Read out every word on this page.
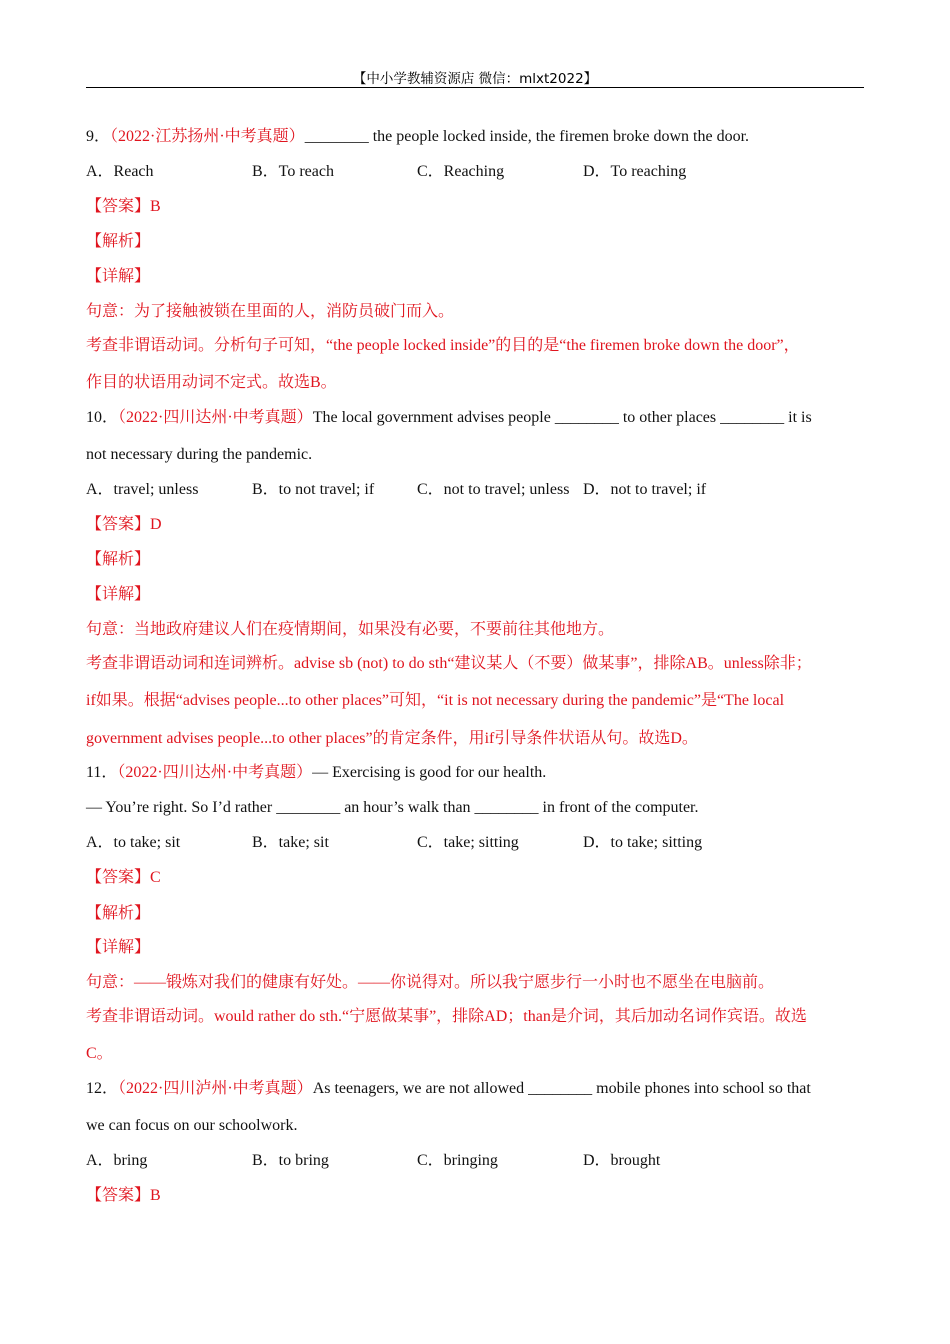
【中小学教辅资源店 微信：mlxt2022】
9．（2022·江苏扬州·中考真题）________ the people locked inside, the firemen broke down the door.
A．Reach	B．To reach	C．Reaching	D．To reaching
【答案】B
【解析】
【详解】
句意：为了接触被锁在里面的人，消防员破门而入。
考查非谓语动词。分析句子可知，“the people locked inside”的目的是“the firemen broke down the door”，
作目的状语用动词不定式。故选B。
10．（2022·四川达州·中考真题）The local government advises people ________ to other places ________ it is
not necessary during the pandemic.
A．travel; unless	B．to not travel; if	C．not to travel; unless D．not to travel; if
【答案】D
【解析】
【详解】
句意：当地政府建议人们在疫情期间，如果没有必要，不要前往其他地方。
考查非谓语动词和连词辨析。advise sb (not) to do sth“建议某人（不要）做某事”，排除AB。unless除非；
if如果。根据“advises people...to other places”可知，“it is not necessary during the pandemic”是“The local
government advises people...to other places”的肯定条件，用if引导条件状语从句。故选D。
11．（2022·四川达州·中考真题）— Exercising is good for our health.
— You’re right. So I’d rather ________ an hour’s walk than ________ in front of the computer.
A．to take; sit	B．take; sit	C．take; sitting	D．to take; sitting
【答案】C
【解析】
【详解】
句意：——锻炼对我们的健康有好处。——你说得对。所以我宁愿步行一小时也不愿坐在电脑前。
考查非谓语动词。would rather do sth.“宁愿做某事”，排除AD；than是介词，其后加动名词作宾语。故选
C。
12．（2022·四川泸州·中考真题）As teenagers, we are not allowed ________ mobile phones into school so that
we can focus on our schoolwork.
A．bring	B．to bring	C．bringing	D．brought
【答案】B
